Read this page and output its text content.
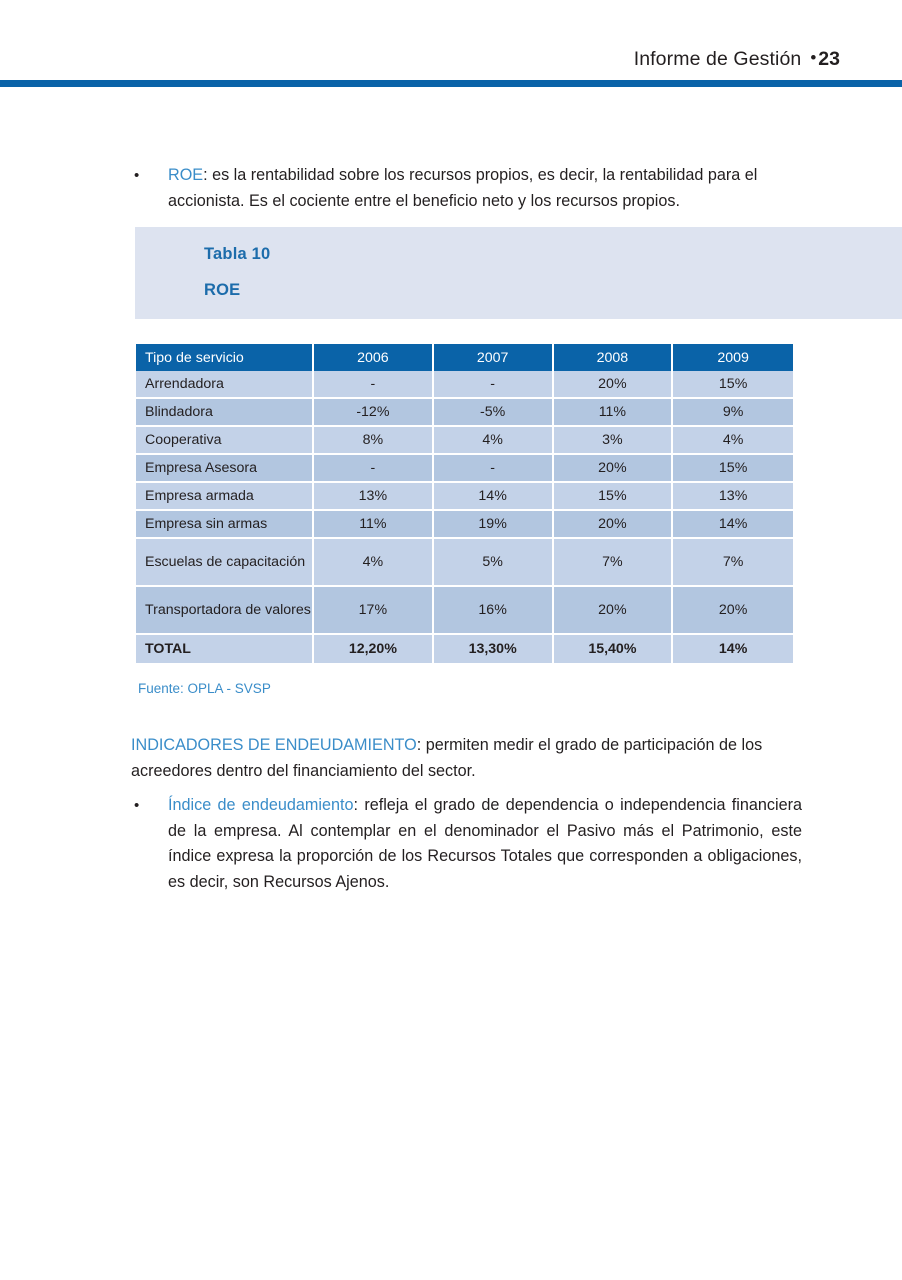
Informe de Gestión • 23
•	ROE: es la rentabilidad sobre los recursos propios, es decir, la rentabilidad para el accionista. Es el cociente entre el beneficio neto y los recursos propios.
Tabla 10
ROE
Tipo de servicio	2006	2007	2008	2009
Arrendadora	-	-	20%	15%
Blindadora	-12%	-5%	11%	9%
Cooperativa	8%	4%	3%	4%
Empresa Asesora	-	-	20%	15%
Empresa armada	13%	14%	15%	13%
Empresa sin armas	11%	19%	20%	14%
Escuelas de capacitación	4%	5%	7%	7%
Transportadora de valores	17%	16%	20%	20%
TOTAL	12,20%	13,30%	15,40%	14%
Fuente: OPLA - SVSP
INDICADORES DE ENDEUDAMIENTO: permiten medir el grado de participación de los acreedores dentro del financiamiento del sector.
•	Índice de endeudamiento: refleja el grado de dependencia o independencia financiera de la empresa. Al contemplar en el denominador el Pasivo más el Patrimonio, este índice expresa la proporción de los Recursos Totales que corresponden a obligaciones, es decir, son Recursos Ajenos.
